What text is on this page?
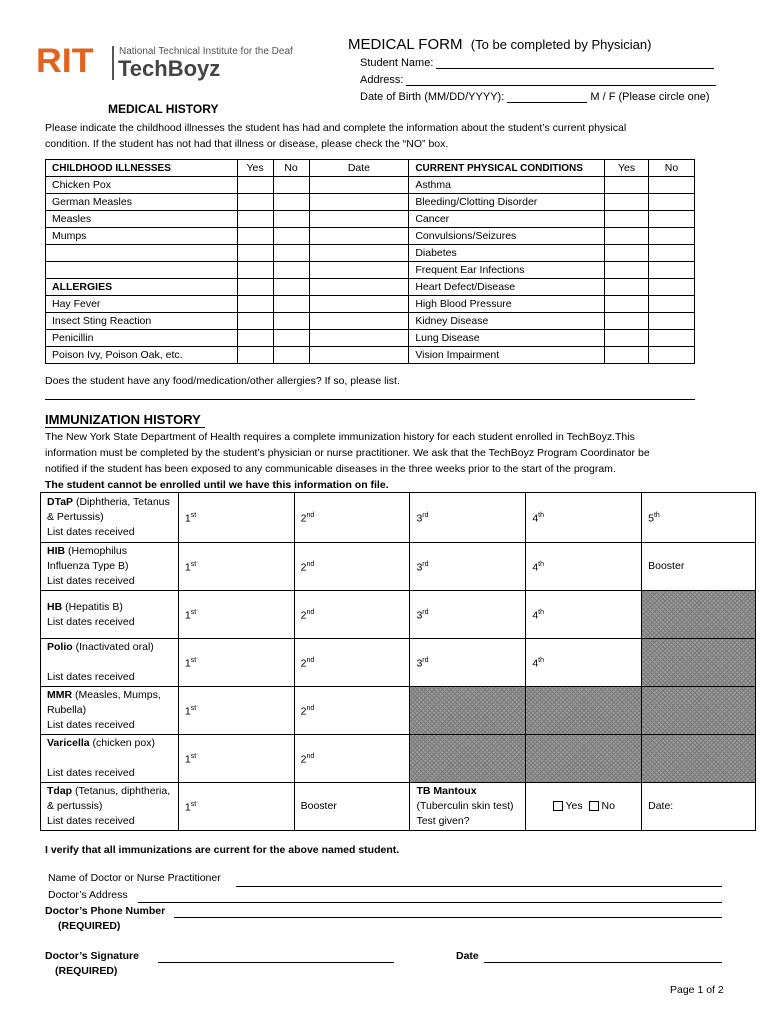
RIT	National Technical Institute for the Deaf
TechBoyz
MEDICAL FORM (To be completed by Physician)
Student Name:
Address:
Date of Birth (MM/DD/YYYY):	M / F (Please circle one)
MEDICAL HISTORY
Please indicate the childhood illnesses the student has had and complete the information about the student’s current physical
condition. If the student has not had that illness or disease, please check the “NO” box.
CHILDHOOD ILLNESSES	Yes	No	Date	CURRENT PHYSICAL CONDITIONS	Yes	No
Chicken Pox				Asthma		
German Measles				Bleeding/Clotting Disorder		
Measles				Cancer		
Mumps				Convulsions/Seizures		
				Diabetes		
				Frequent Ear Infections		
ALLERGIES				Heart Defect/Disease		
Hay Fever				High Blood Pressure		
Insect Sting Reaction				Kidney Disease		
Penicillin				Lung Disease		
Poison Ivy, Poison Oak, etc.				Vision Impairment		
Does the student have any food/medication/other allergies? If so, please list.
IMMUNIZATION HISTORY
The New York State Department of Health requires a complete immunization history for each student enrolled in TechBoyz.This
information must be completed by the student’s physician or nurse practitioner. We ask that the TechBoyz Program Coordinator be
notified if the student has been exposed to any communicable diseases in the three weeks prior to the start of the program.
The student cannot be enrolled until we have this information on file.
DTaP (Diphtheria, Tetanus & Pertussis)
List dates received	1st	2nd	3rd	4th	5th
HIB (Hemophilus Influenza Type B)
List dates received	1st	2nd	3rd	4th	Booster
HB (Hepatitis B)
List dates received	1st	2nd	3rd	4th	
Polio (Inactivated oral)

List dates received	1st	2nd	3rd	4th	
MMR (Measles, Mumps, Rubella)
List dates received	1st	2nd			
Varicella (chicken pox)

List dates received	1st	2nd			
Tdap (Tetanus, diphtheria, & pertussis)
List dates received	1st	Booster	TB Mantoux
(Tuberculin skin test)
Test given?	Yes No	Date:
I verify that all immunizations are current for the above named student.
Name of Doctor or Nurse Practitioner
Doctor’s Address
Doctor’s Phone Number
(REQUIRED)
Doctor’s Signature
(REQUIRED)
Date
Page 1 of 2
